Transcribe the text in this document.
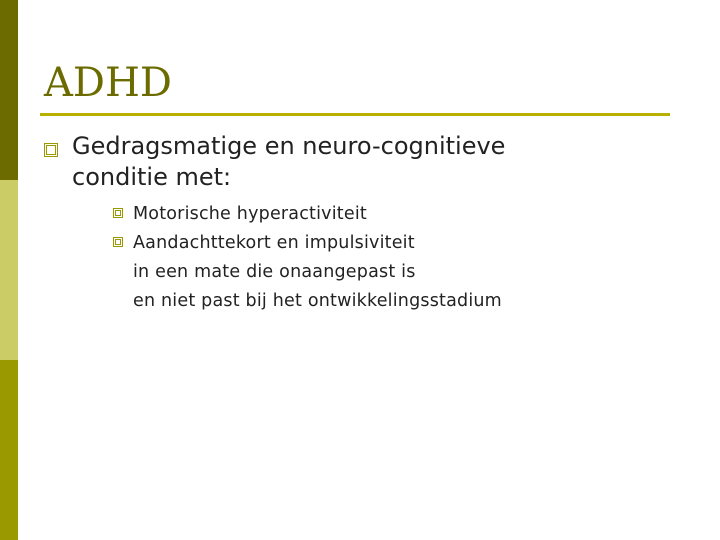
ADHD
Gedragsmatige en neuro-cognitieve
conditie met:
Motorische hyperactiviteit
Aandachttekort en impulsiviteit
in een mate die onaangepast is
en niet past bij het ontwikkelingsstadium
